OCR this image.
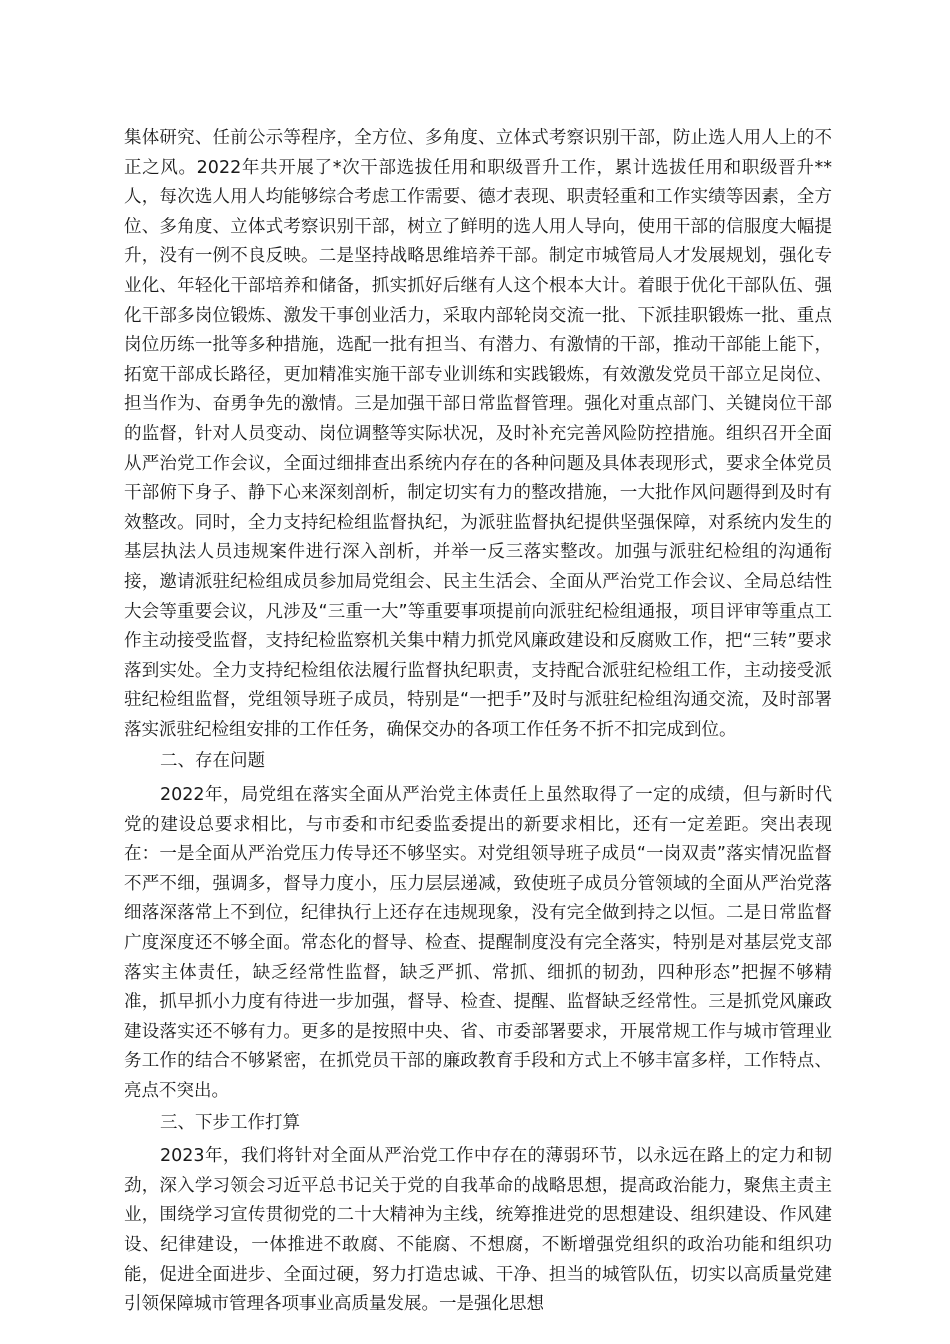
集体研究、任前公示等程序，全方位、多角度、立体式考察识别干部，防止选人用人上的不正之风。2022年共开展了*次干部选拔任用和职级晋升工作，累计选拔任用和职级晋升**人，每次选人用人均能够综合考虑工作需要、德才表现、职责轻重和工作实绩等因素，全方位、多角度、立体式考察识别干部，树立了鲜明的选人用人导向，使用干部的信服度大幅提升，没有一例不良反映。二是坚持战略思维培养干部。制定市城管局人才发展规划，强化专业化、年轻化干部培养和储备，抓实抓好后继有人这个根本大计。着眼于优化干部队伍、强化干部多岗位锻炼、激发干事创业活力，采取内部轮岗交流一批、下派挂职锻炼一批、重点岗位历练一批等多种措施，选配一批有担当、有潜力、有激情的干部，推动干部能上能下，拓宽干部成长路径，更加精准实施干部专业训练和实践锻炼，有效激发党员干部立足岗位、担当作为、奋勇争先的激情。三是加强干部日常监督管理。强化对重点部门、关键岗位干部的监督，针对人员变动、岗位调整等实际状况，及时补充完善风险防控措施。组织召开全面从严治党工作会议，全面过细排查出系统内存在的各种问题及具体表现形式，要求全体党员干部俯下身子、静下心来深刻剖析，制定切实有力的整改措施，一大批作风问题得到及时有效整改。同时，全力支持纪检组监督执纪，为派驻监督执纪提供坚强保障，对系统内发生的基层执法人员违规案件进行深入剖析，并举一反三落实整改。加强与派驻纪检组的沟通衔接，邀请派驻纪检组成员参加局党组会、民主生活会、全面从严治党工作会议、全局总结性大会等重要会议，凡涉及“三重一大”等重要事项提前向派驻纪检组通报，项目评审等重点工作主动接受监督，支持纪检监察机关集中精力抓党风廉政建设和反腐败工作，把“三转”要求落到实处。全力支持纪检组依法履行监督执纪职责，支持配合派驻纪检组工作，主动接受派驻纪检组监督，党组领导班子成员，特别是“一把手”及时与派驻纪检组沟通交流，及时部署落实派驻纪检组安排的工作任务，确保交办的各项工作任务不折不扣完成到位。

二、存在问题

2022年，局党组在落实全面从严治党主体责任上虽然取得了一定的成绩，但与新时代党的建设总要求相比，与市委和市纪委监委提出的新要求相比，还有一定差距。突出表现在：一是全面从严治党压力传导还不够坚实。对党组领导班子成员“一岗双责”落实情况监督不严不细，强调多，督导力度小，压力层层递减，致使班子成员分管领域的全面从严治党落细落深落常上不到位，纪律执行上还存在违规现象，没有完全做到持之以恒。二是日常监督广度深度还不够全面。常态化的督导、检查、提醒制度没有完全落实，特别是对基层党支部落实主体责任，缺乏经常性监督，缺乏严抓、常抓、细抓的韧劲，四种形态”把握不够精准，抓早抓小力度有待进一步加强，督导、检查、提醒、监督缺乏经常性。三是抓党风廉政建设落实还不够有力。更多的是按照中央、省、市委部署要求，开展常规工作与城市管理业务工作的结合不够紧密，在抓党员干部的廉政教育手段和方式上不够丰富多样，工作特点、亮点不突出。

三、下步工作打算

2023年，我们将针对全面从严治党工作中存在的薄弱环节，以永远在路上的定力和韧劲，深入学习领会习近平总书记关于党的自我革命的战略思想，提高政治能力，聚焦主责主业，围绕学习宣传贯彻党的二十大精神为主线，统筹推进党的思想建设、组织建设、作风建设、纪律建设，一体推进不敢腐、不能腐、不想腐，不断增强党组织的政治功能和组织功能，促进全面进步、全面过硬，努力打造忠诚、干净、担当的城管队伍，切实以高质量党建引领保障城市管理各项事业高质量发展。一是强化思想
